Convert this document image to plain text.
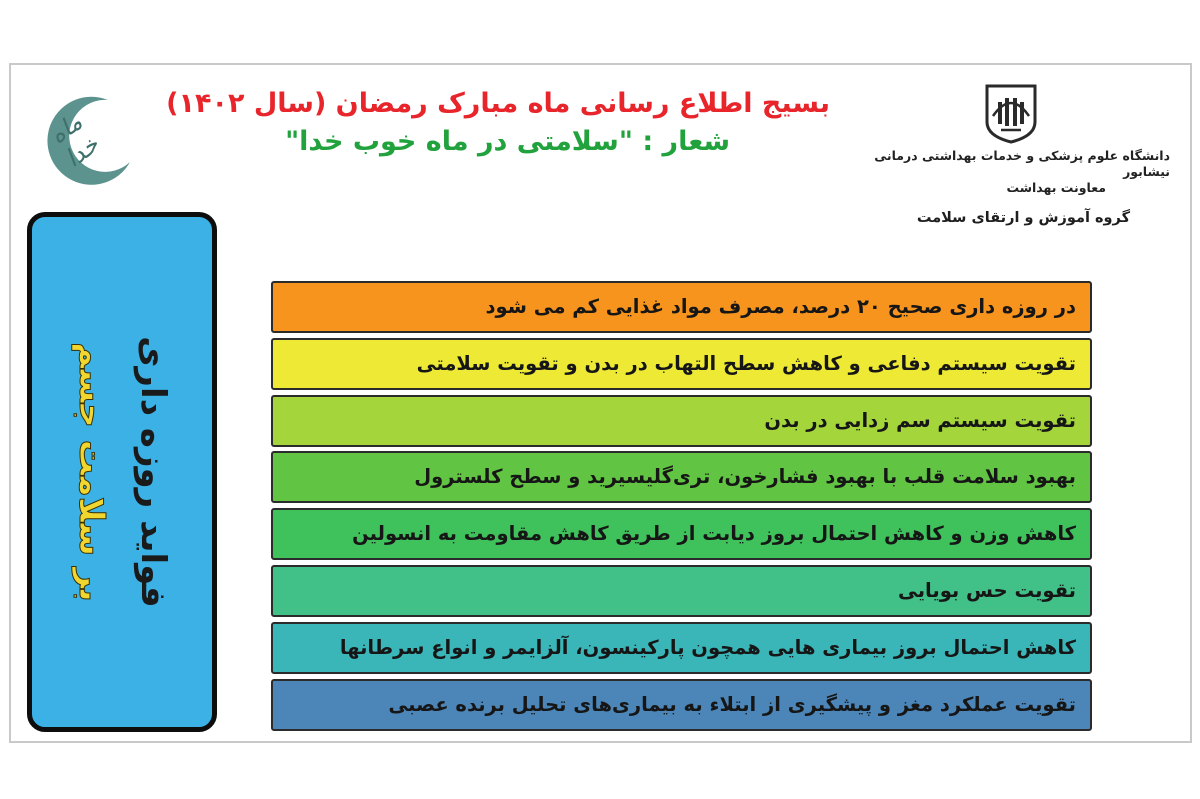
ماه خدا
بسیج اطلاع رسانی ماه مبارک رمضان (سال ۱۴۰۲)
شعار : "سلامتی در ماه خوب خدا"	دانشگاه علوم پزشکی و خدمات بهداشتی درمانی نیشابور
معاونت بهداشت
گروه آموزش و ارتقای سلامت
فواید روزه داری
بر سلامت جسم
در روزه داری صحیح ۲۰ درصد، مصرف مواد غذایی کم می شود
تقویت سیستم دفاعی و کاهش سطح التهاب در بدن و تقویت سلامتی
تقویت سیستم سم زدایی در بدن
بهبود سلامت قلب با بهبود فشارخون، تری‌گلیسیرید و سطح کلسترول
کاهش وزن و کاهش احتمال بروز دیابت از طریق کاهش مقاومت به انسولین
تقویت حس بویایی
کاهش احتمال بروز بیماری هایی همچون پارکینسون، آلزایمر و انواع سرطانها
تقویت عملکرد مغز و پیشگیری از ابتلاء به بیماری‌های تحلیل برنده عصبی
